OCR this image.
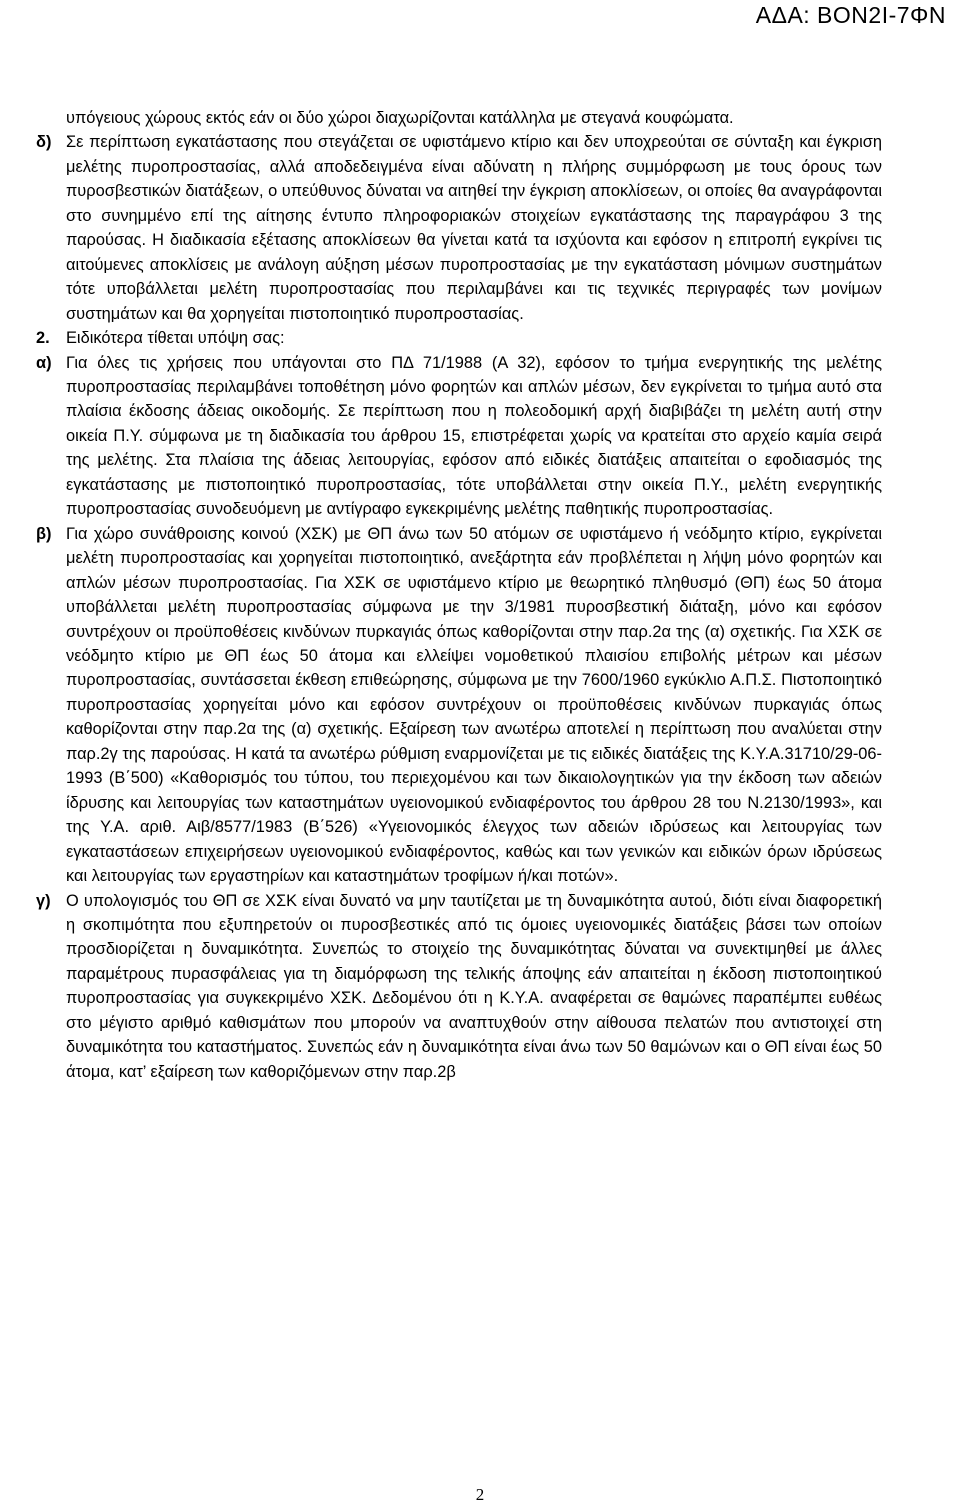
ΑΔΑ: ΒΟΝ2Ι-7ΦΝ

υπόγειους χώρους εκτός εάν οι δύο χώροι διαχωρίζονται κατάλληλα με στεγανά κουφώματα.

δ) Σε περίπτωση εγκατάστασης που στεγάζεται σε υφιστάμενο κτίριο και δεν υποχρεούται σε σύνταξη και έγκριση μελέτης πυροπροστασίας, αλλά αποδεδειγμένα είναι αδύνατη η πλήρης συμμόρφωση με τους όρους των πυροσβεστικών διατάξεων, ο υπεύθυνος δύναται να αιτηθεί την έγκριση αποκλίσεων, οι οποίες θα αναγράφονται στο συνημμένο επί της αίτησης έντυπο πληροφοριακών στοιχείων εγκατάστασης της παραγράφου 3 της παρούσας. Η διαδικασία εξέτασης αποκλίσεων θα γίνεται κατά τα ισχύοντα και εφόσον η επιτροπή εγκρίνει τις αιτούμενες αποκλίσεις με ανάλογη αύξηση μέσων πυροπροστασίας με την εγκατάσταση μόνιμων συστημάτων τότε υποβάλλεται μελέτη πυροπροστασίας που περιλαμβάνει και τις τεχνικές περιγραφές των μονίμων συστημάτων και θα χορηγείται πιστοποιητικό πυροπροστασίας.

2. Ειδικότερα τίθεται υπόψη σας:

α) Για όλες τις χρήσεις που υπάγονται στο ΠΔ 71/1988 (Α 32), εφόσον το τμήμα ενεργητικής της μελέτης πυροπροστασίας περιλαμβάνει τοποθέτηση μόνο φορητών και απλών μέσων, δεν εγκρίνεται το τμήμα αυτό στα πλαίσια έκδοσης άδειας οικοδομής. Σε περίπτωση που η πολεοδομική αρχή διαβιβάζει τη μελέτη αυτή στην οικεία Π.Υ. σύμφωνα με τη διαδικασία του άρθρου 15, επιστρέφεται χωρίς να κρατείται στο αρχείο καμία σειρά της μελέτης. Στα πλαίσια της άδειας λειτουργίας, εφόσον από ειδικές διατάξεις απαιτείται ο εφοδιασμός της εγκατάστασης με πιστοποιητικό πυροπροστασίας, τότε υποβάλλεται στην οικεία Π.Υ., μελέτη ενεργητικής πυροπροστασίας συνοδευόμενη με αντίγραφο εγκεκριμένης μελέτης παθητικής πυροπροστασίας.

β) Για χώρο συνάθροισης κοινού (ΧΣΚ) με ΘΠ άνω των 50 ατόμων σε υφιστάμενο ή νεόδμητο κτίριο, εγκρίνεται μελέτη πυροπροστασίας και χορηγείται πιστοποιητικό, ανεξάρτητα εάν προβλέπεται η λήψη μόνο φορητών και απλών μέσων πυροπροστασίας. Για ΧΣΚ σε υφιστάμενο κτίριο με θεωρητικό πληθυσμό (ΘΠ) έως 50 άτομα υποβάλλεται μελέτη πυροπροστασίας σύμφωνα με την 3/1981 πυροσβεστική διάταξη, μόνο και εφόσον συντρέχουν οι προϋποθέσεις κινδύνων πυρκαγιάς όπως καθορίζονται στην παρ.2α της (α) σχετικής. Για ΧΣΚ σε νεόδμητο κτίριο με ΘΠ έως 50 άτομα και ελλείψει νομοθετικού πλαισίου επιβολής μέτρων και μέσων πυροπροστασίας, συντάσσεται έκθεση επιθεώρησης, σύμφωνα με την 7600/1960 εγκύκλιο Α.Π.Σ. Πιστοποιητικό πυροπροστασίας χορηγείται μόνο και εφόσον συντρέχουν οι προϋποθέσεις κινδύνων πυρκαγιάς όπως καθορίζονται στην παρ.2α της (α) σχετικής. Εξαίρεση των ανωτέρω αποτελεί η περίπτωση που αναλύεται στην παρ.2γ της παρούσας. Η κατά τα ανωτέρω ρύθμιση εναρμονίζεται με τις ειδικές διατάξεις της Κ.Υ.Α.31710/29-06-1993 (Β΄500) «Καθορισμός του τύπου, του περιεχομένου και των δικαιολογητικών για την έκδοση των αδειών ίδρυσης και λειτουργίας των καταστημάτων υγειονομικού ενδιαφέροντος του άρθρου 28 του Ν.2130/1993», και της Υ.Α. αριθ. Αιβ/8577/1983 (Β΄526) «Υγειονομικός έλεγχος των αδειών ιδρύσεως και λειτουργίας των εγκαταστάσεων επιχειρήσεων υγειονομικού ενδιαφέροντος, καθώς και των γενικών και ειδικών όρων ιδρύσεως και λειτουργίας των εργαστηρίων και καταστημάτων τροφίμων ή/και ποτών».

γ) Ο υπολογισμός του ΘΠ σε ΧΣΚ είναι δυνατό να μην ταυτίζεται με τη δυναμικότητα αυτού, διότι είναι διαφορετική η σκοπιμότητα που εξυπηρετούν οι πυροσβεστικές από τις όμοιες υγειονομικές διατάξεις βάσει των οποίων προσδιορίζεται η δυναμικότητα. Συνεπώς το στοιχείο της δυναμικότητας δύναται να συνεκτιμηθεί με άλλες παραμέτρους πυρασφάλειας για τη διαμόρφωση της τελικής άποψης εάν απαιτείται η έκδοση πιστοποιητικού πυροπροστασίας για συγκεκριμένο ΧΣΚ. Δεδομένου ότι η Κ.Υ.Α. αναφέρεται σε θαμώνες παραπέμπει ευθέως στο μέγιστο αριθμό καθισμάτων που μπορούν να αναπτυχθούν στην αίθουσα πελατών που αντιστοιχεί στη δυναμικότητα του καταστήματος. Συνεπώς εάν η δυναμικότητα είναι άνω των 50 θαμώνων και ο ΘΠ είναι έως 50 άτομα, κατ’ εξαίρεση των καθοριζόμενων στην παρ.2β

2
